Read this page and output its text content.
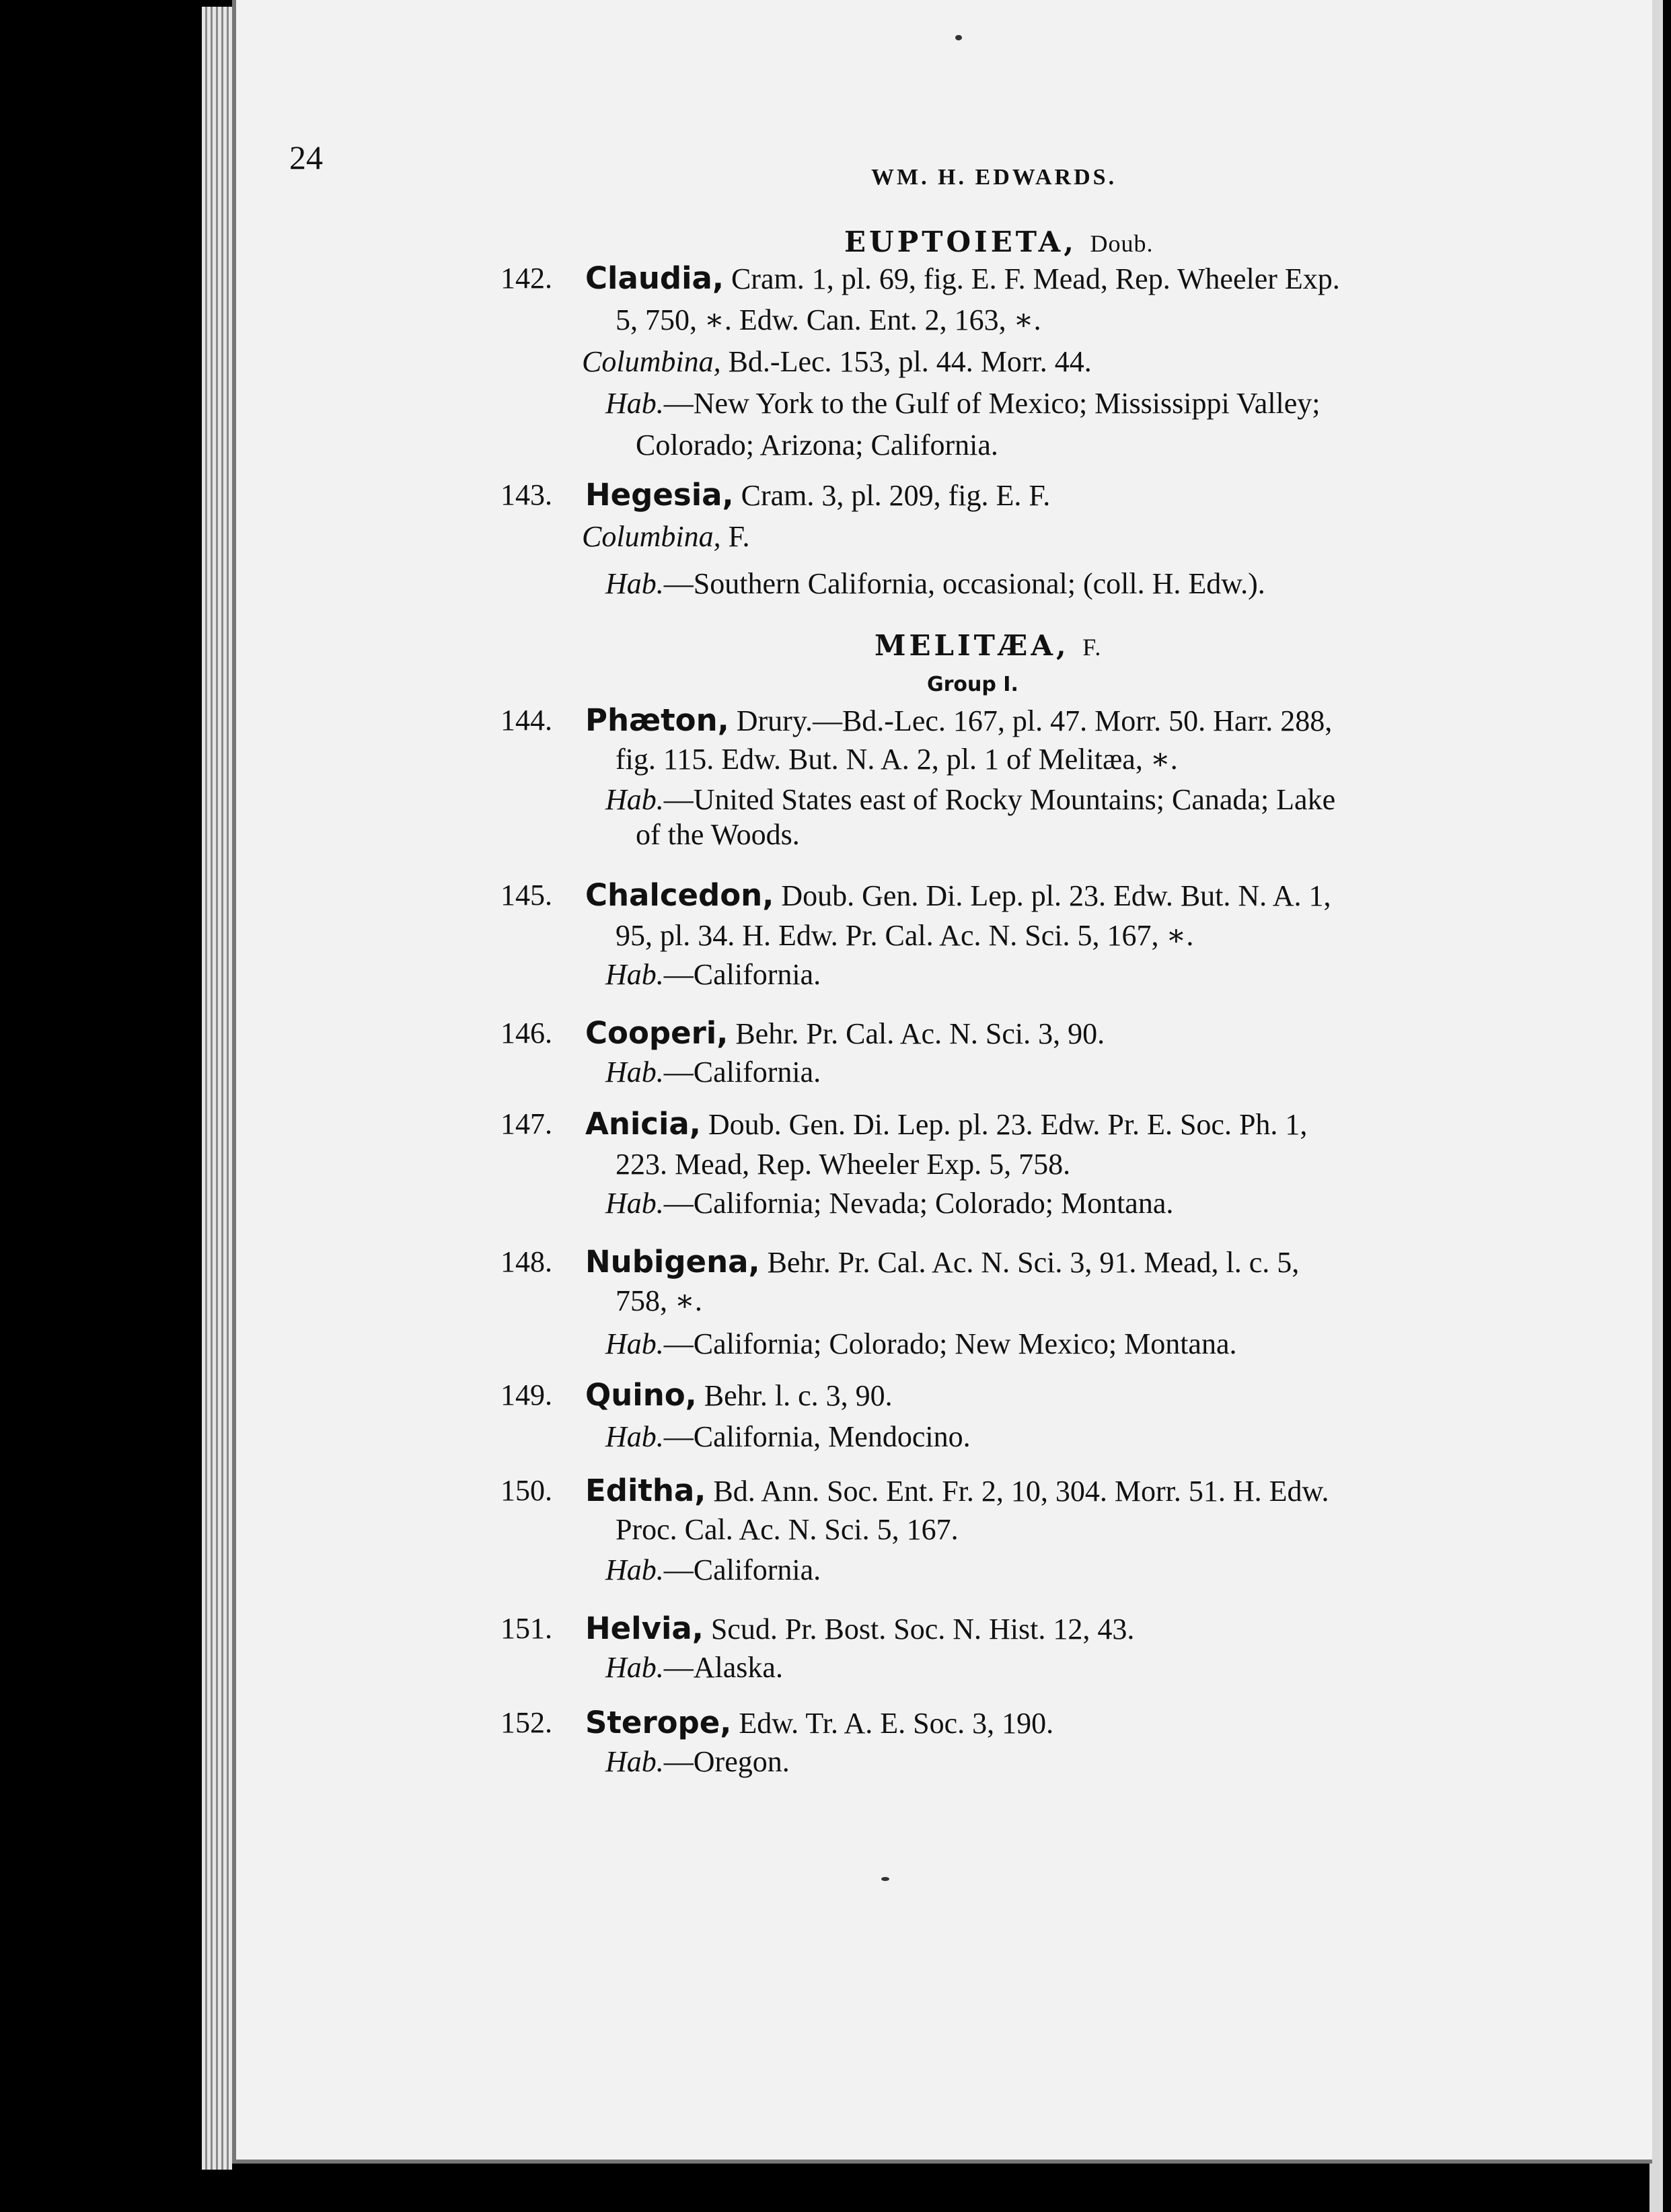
24
WM. H. EDWARDS.
EUPTOIETA, Doub.
142. Claudia, Cram. 1, pl. 69, fig. E. F. Mead, Rep. Wheeler Exp.
5, 750, ∗. Edw. Can. Ent. 2, 163, ∗.
Columbina, Bd.-Lec. 153, pl. 44. Morr. 44.
Hab.—New York to the Gulf of Mexico; Mississippi Valley;
Colorado; Arizona; California.
143. Hegesia, Cram. 3, pl. 209, fig. E. F.
Columbina, F.
Hab.—Southern California, occasional; (coll. H. Edw.).
MELITÆA, F.
Group I.
144. Phæton, Drury.—Bd.-Lec. 167, pl. 47. Morr. 50. Harr. 288,
fig. 115. Edw. But. N. A. 2, pl. 1 of Melitæa, ∗.
Hab.—United States east of Rocky Mountains; Canada; Lake
of the Woods.
145. Chalcedon, Doub. Gen. Di. Lep. pl. 23. Edw. But. N. A. 1,
95, pl. 34. H. Edw. Pr. Cal. Ac. N. Sci. 5, 167, ∗.
Hab.—California.
146. Cooperi, Behr. Pr. Cal. Ac. N. Sci. 3, 90.
Hab.—California.
147. Anicia, Doub. Gen. Di. Lep. pl. 23. Edw. Pr. E. Soc. Ph. 1,
223. Mead, Rep. Wheeler Exp. 5, 758.
Hab.—California; Nevada; Colorado; Montana.
148. Nubigena, Behr. Pr. Cal. Ac. N. Sci. 3, 91. Mead, l. c. 5,
758, ∗.
Hab.—California; Colorado; New Mexico; Montana.
149. Quino, Behr. l. c. 3, 90.
Hab.—California, Mendocino.
150. Editha, Bd. Ann. Soc. Ent. Fr. 2, 10, 304. Morr. 51. H. Edw.
Proc. Cal. Ac. N. Sci. 5, 167.
Hab.—California.
151. Helvia, Scud. Pr. Bost. Soc. N. Hist. 12, 43.
Hab.—Alaska.
152. Sterope, Edw. Tr. A. E. Soc. 3, 190.
Hab.—Oregon.
